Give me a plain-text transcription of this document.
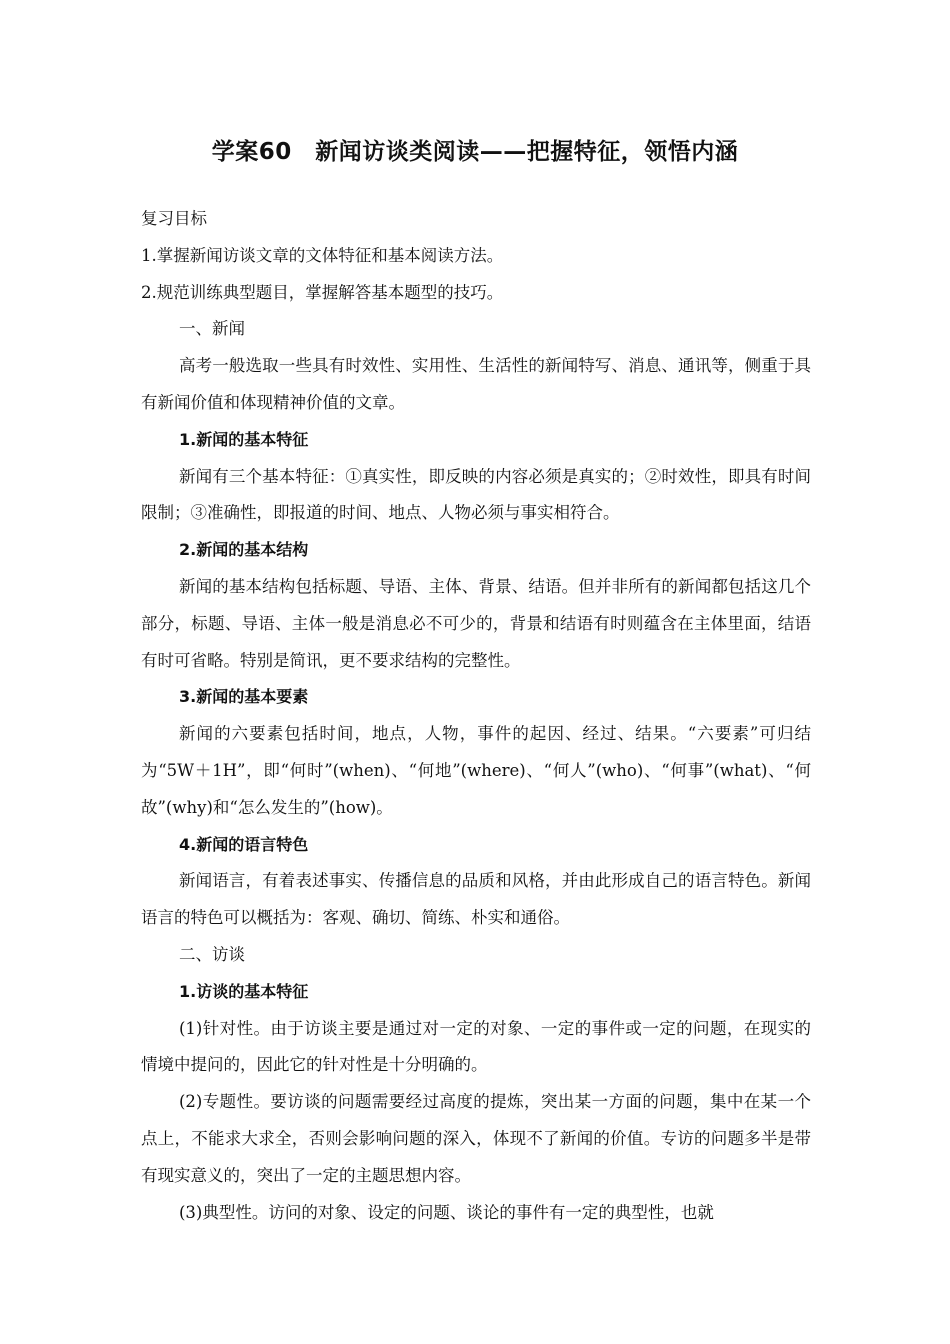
学案60　新闻访谈类阅读——把握特征，领悟内涵

复习目标

1.掌握新闻访谈文章的文体特征和基本阅读方法。

2.规范训练典型题目，掌握解答基本题型的技巧。

一、新闻

高考一般选取一些具有时效性、实用性、生活性的新闻特写、消息、通讯等，侧重于具有新闻价值和体现精神价值的文章。

1.新闻的基本特征

新闻有三个基本特征：①真实性，即反映的内容必须是真实的；②时效性，即具有时间限制；③准确性，即报道的时间、地点、人物必须与事实相符合。

2.新闻的基本结构

新闻的基本结构包括标题、导语、主体、背景、结语。但并非所有的新闻都包括这几个部分，标题、导语、主体一般是消息必不可少的，背景和结语有时则蕴含在主体里面，结语有时可省略。特别是简讯，更不要求结构的完整性。

3.新闻的基本要素

新闻的六要素包括时间，地点，人物，事件的起因、经过、结果。“六要素”可归结为“5W＋1H”，即“何时”(when)、“何地”(where)、“何人”(who)、“何事”(what)、“何故”(why)和“怎么发生的”(how)。

4.新闻的语言特色

新闻语言，有着表述事实、传播信息的品质和风格，并由此形成自己的语言特色。新闻语言的特色可以概括为：客观、确切、简练、朴实和通俗。

二、访谈

1.访谈的基本特征

(1)针对性。由于访谈主要是通过对一定的对象、一定的事件或一定的问题，在现实的情境中提问的，因此它的针对性是十分明确的。

(2)专题性。要访谈的问题需要经过高度的提炼，突出某一方面的问题，集中在某一个点上，不能求大求全，否则会影响问题的深入，体现不了新闻的价值。专访的问题多半是带有现实意义的，突出了一定的主题思想内容。

(3)典型性。访问的对象、设定的问题、谈论的事件有一定的典型性，也就
